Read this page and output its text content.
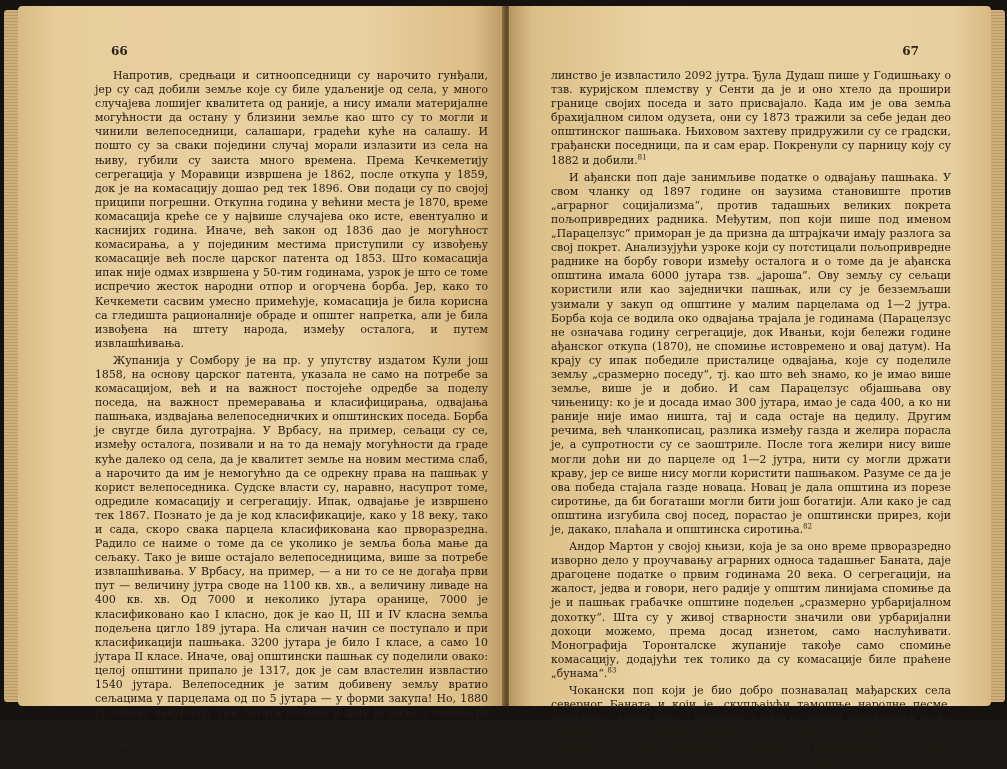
66

Напротив, средњаци и ситноопседници су нарочито гунђали, јер су сад добили земље које су биле удаљеније од села, у много случајева лошијег квалитета од раније, а нису имали материјалне могућности да остану у близини земље као што су то могли и чинили велепоседници, салашари, градећи куће на салашу. И пошто су за сваки поједини случај морали излазити из села на њиву, губили су заиста много времена. Према Кечкеметију сегрегација у Моравици извршена је 1862, после откупа у 1859, док је на комасацију дошао ред тек 1896. Ови подаци су по својој приципи погрешни. Откупна година у већини места је 1870, време комасација креће се у највише случајева око исте, евентуално и каснијих година. Иначе, већ закон од 1836 дао је могућност комасирања, а у појединим местима приступили су извођењу комасације већ после царског патента од 1853. Што комасација ипак није одмах извршена у 50-тим годинама, узрок је што се томе испречио жесток народни отпор и огорчена борба. Јер, како то Кечкемети сасвим умесно примећује, комасација је била корисна са гледишта рационалније обраде и општег напретка, али је била извођена на штету народа, између осталога, и путем извлашћивања.

Жупанија у Сомбору је на пр. у упутству издатом Кули још 1858, на основу царског патента, указала не само на потребе за комасацијом, већ и на важност постојеће одредбе за поделу поседа, на важност премеравања и класифицирања, одвајања пашњака, издвајања велепоседничких и општинских поседа. Борба је свугде била дуготрајна. У Врбасу, на пример, сељаци су се, између осталога, позивали и на то да немају могућности да граде куће далеко од села, да је квалитет земље на новим местима слаб, а нарочито да им је немогућно да се одрекну права на пашњак у корист велепоседника. Судске власти су, наравно, насупрот томе, одредиле комасацију и сегрегацију. Ипак, одвајање је извршено тек 1867. Познато је да је код класификације, како у 18 веку, тако и сада, скоро свака парцела класификована као прворазредна. Радило се наиме о томе да се уколико је земља боља мање да сељаку. Тако је више остајало велепоседницима, више за потребе извлашћивања. У Врбасу, на пример, — а ни то се не догађа први пут — величину јутра своде на 1100 кв. хв., а величину ливаде на 400 кв. хв. Од 7000 и неколико јутара оранице, 7000 је класификовано као I класно, док је као II, III и IV класна земља подељена цигло 189 јутара. На сличан начин се поступало и при класификацији пашњака. 3200 јутара је било I класе, а само 10 јутара II класе. Иначе, овај општински пашњак су поделили овако: целој општини припало је 1317, док је сам властелин извластио 1540 јутара. Велепоседник је затим добивену земљу вратио сељацима у парцелама од по 5 јутара — у форми закупа! Но, 1880 су земљу закупљују три богата сељака и дају је даље у подзакуп радном сељаштву.$^{80}$

Пишући о Колуту Гросшмид долази до истог резултата. Колут се откупио 1867. Приликом комасације и сегрегације власте-

67

линство је извластило 2092 јутра. Ђула Дудаш пише у Годишњаку о тзв. куријском племству у Сенти да је и оно хтело да прошири границе својих поседа и зато присвајало. Када им је ова земља брахијалном силом одузета, они су 1873 тражили за себе један део општинског пашњака. Њиховом захтеву придружили су се градски, грађански поседници, па и сам ерар. Покренули су парницу коју су 1882 и добили.$^{81}$

И ађански поп даје занимљиве податке о одвајању пашњака. У свом чланку од 1897 године он заузима становиште против „аграрног социјализма“, против тадашњих великих покрета пољопривредних радника. Међутим, поп који пише под именом „Парацелзус“ приморан је да призна да штрајкачи имају разлога за свој покрет. Анализујући узроке који су потстицали пољопривредне раднике на борбу говори између осталога и о томе да је ађанска општина имала 6000 јутара тзв. „јароша“. Ову земљу су сељаци користили или као заједнички пашњак, или су је безземљаши узимали у закуп од општине у малим парцелама од 1—2 јутра. Борба која се водила око одвајања трајала је годинама (Парацелзус не означава годину сегрегације, док Иваньи, који бележи године ађанског откупа (1870), не спомиње истовремено и овај датум). На крају су ипак победиле присталице одвајања, које су поделиле земљу „сразмерно поседу“, тј. као што већ знамо, ко је имао више земље, више је и добио. И сам Парацелзус објашњава ову чињеницу: ко је и досада имао 300 јутара, имао је сада 400, а ко ни раније није имао ништа, тај и сада остаје на цедилу. Другим речима, већ чланкописац, разлика између газда и желира порасла је, а супротности су се заоштриле. После тога желири нису више могли доћи ни до парцеле од 1—2 јутра, нити су могли држати краву, јер се више нису могли користити пашњаком. Разуме се да је ова победа стајала газде новаца. Новац је дала општина из порезе сиротиње, да би богаташи могли бити још богатији. Али како је сад општина изгубила свој посед, порастао је општински прирез, који је, дакако, плаћала и општинска сиротиња.$^{82}$

Андор Мартон у својој књизи, која је за оно време прворазредно изворно дело у проучавању аграрних односа тадашњег Баната, даје драгоцене податке о првим годинама 20 века. О сегрегацији, на жалост, једва и говори, него радије у општим линијама спомиње да је и пашњак грабачке општине подељен „сразмерно урбаријалном дохотку“. Шта су у живој стварности значили ови урбаријални дохоци можемо, према досад изнетом, само наслућивати. Монографија Торонталске жупаније такође само спомиње комасацију, додајући тек толико да су комасације биле праћене „бунама“.$^{83}$

Чокански поп који је био добро познавалац мађарских села северног Баната и који је, скупљајући тамошње народне песме, одржавао сталну везу с народом, а чији се начин расуђивања може сматрати пре реакционарним (својој књигу посветио је грофу Лајошу Тиси), даје занимљиве податке о извлашћивању сељачких поседа и о народном расположењу. Саопштавамо неко-
